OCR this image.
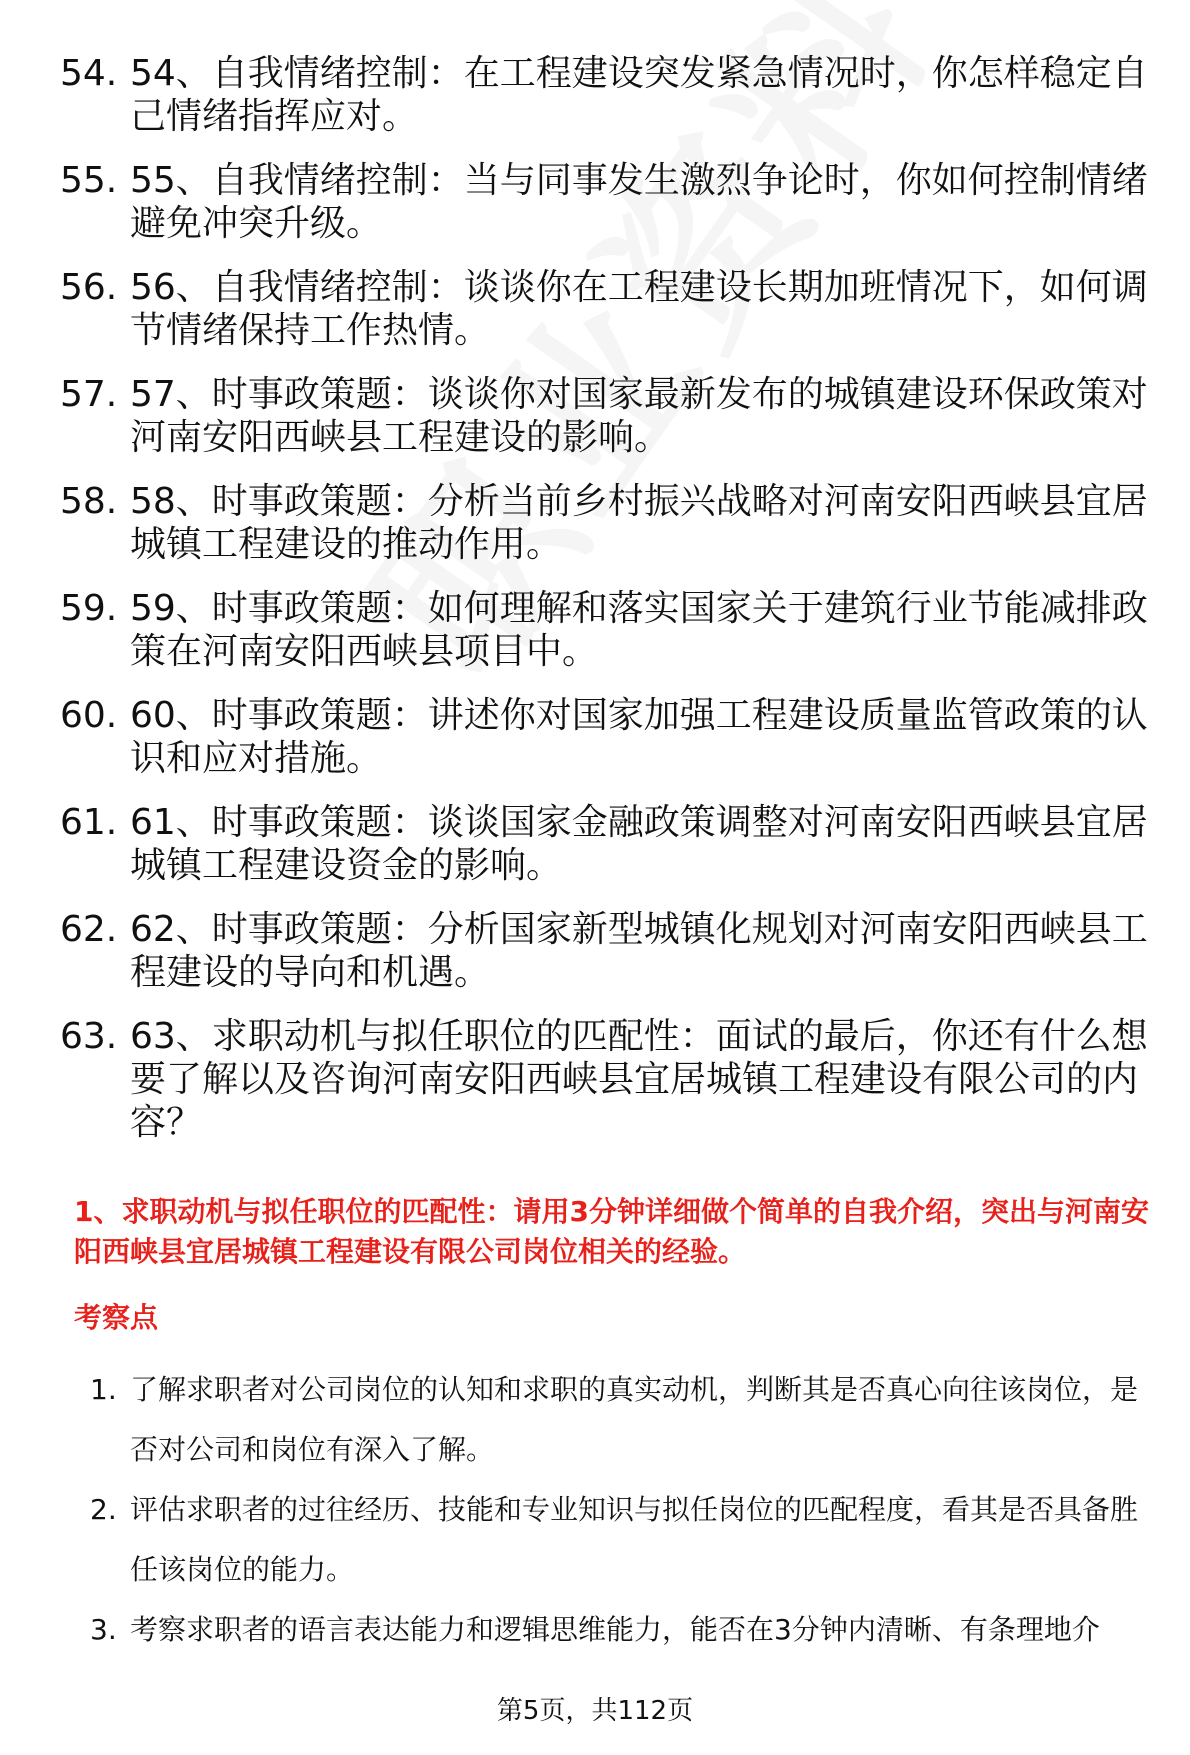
54. 54、自我情绪控制：在工程建设突发紧急情况时，你怎样稳定自己情绪指挥应对。
55. 55、自我情绪控制：当与同事发生激烈争论时，你如何控制情绪避免冲突升级。
56. 56、自我情绪控制：谈谈你在工程建设长期加班情况下，如何调节情绪保持工作热情。
57. 57、时事政策题：谈谈你对国家最新发布的城镇建设环保政策对河南安阳西峡县工程建设的影响。
58. 58、时事政策题：分析当前乡村振兴战略对河南安阳西峡县宜居城镇工程建设的推动作用。
59. 59、时事政策题：如何理解和落实国家关于建筑行业节能减排政策在河南安阳西峡县项目中。
60. 60、时事政策题：讲述你对国家加强工程建设质量监管政策的认识和应对措施。
61. 61、时事政策题：谈谈国家金融政策调整对河南安阳西峡县宜居城镇工程建设资金的影响。
62. 62、时事政策题：分析国家新型城镇化规划对河南安阳西峡县工程建设的导向和机遇。
63. 63、求职动机与拟任职位的匹配性：面试的最后，你还有什么想要了解以及咨询河南安阳西峡县宜居城镇工程建设有限公司的内容？
1、求职动机与拟任职位的匹配性：请用3分钟详细做个简单的自我介绍，突出与河南安阳西峡县宜居城镇工程建设有限公司岗位相关的经验。
考察点
1. 了解求职者对公司岗位的认知和求职的真实动机，判断其是否真心向往该岗位，是否对公司和岗位有深入了解。
2. 评估求职者的过往经历、技能和专业知识与拟任岗位的匹配程度，看其是否具备胜任该岗位的能力。
3. 考察求职者的语言表达能力和逻辑思维能力，能否在3分钟内清晰、有条理地介
第5页，共112页
